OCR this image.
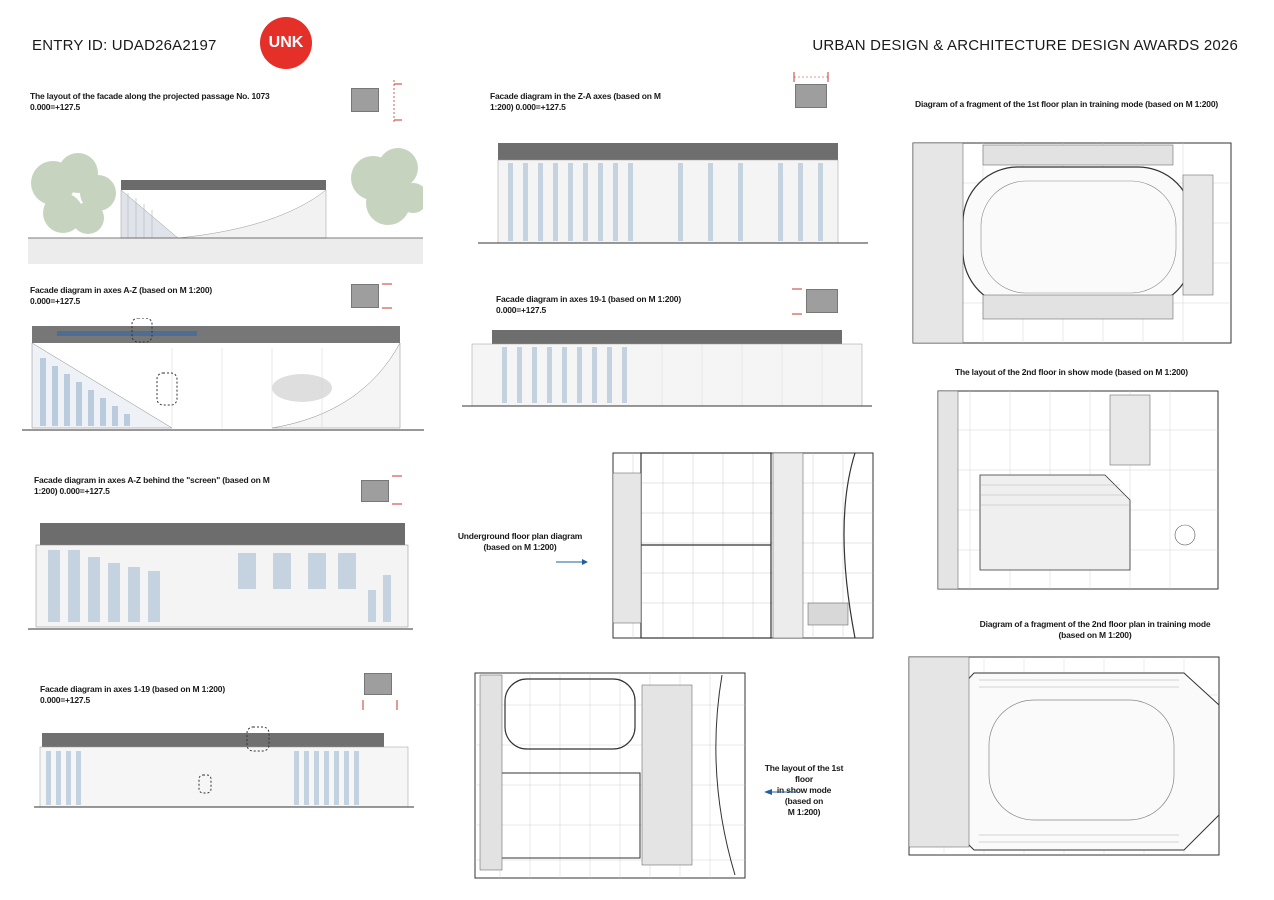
ENTRY ID: UDAD26A2197	UNK	URBAN DESIGN & ARCHITECTURE DESIGN AWARDS 2026
The layout of the facade along the projected passage No. 1073
0.000=+127.5
Facade diagram in axes A-Z (based on M 1:200)
0.000=+127.5
Facade diagram in axes A-Z behind the "screen" (based on M
1:200) 0.000=+127.5
Facade diagram in axes 1-19 (based on M 1:200)
0.000=+127.5
Facade diagram in the Z-A axes (based on M
1:200) 0.000=+127.5
Facade diagram in axes 19-1 (based on M 1:200)
0.000=+127.5
Underground floor plan diagram
(based on M 1:200)
The layout of the 1st floor
in show mode (based on
M 1:200)
Diagram of a fragment of the 1st floor plan in training mode (based on M 1:200)
The layout of the 2nd floor in show mode (based on M 1:200)
Diagram of a fragment of the 2nd floor plan in training mode
(based on M 1:200)
